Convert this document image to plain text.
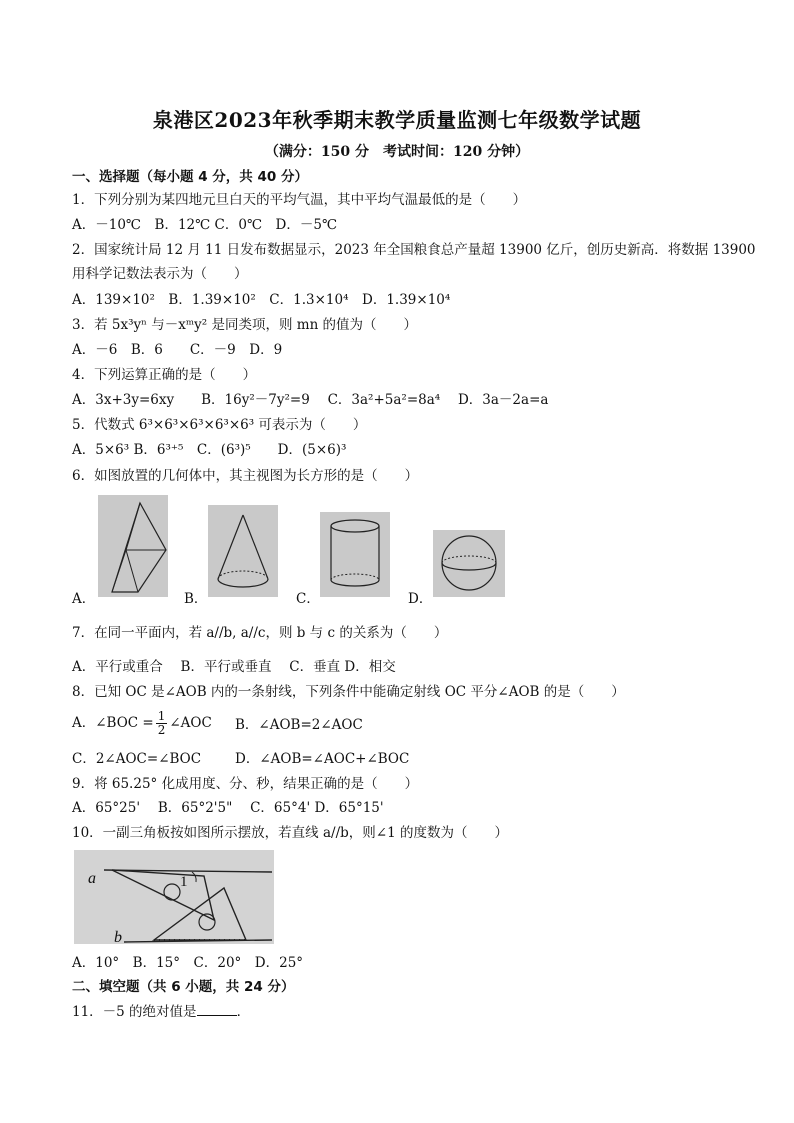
泉港区2023年秋季期末教学质量监测七年级数学试题
（满分：150 分　考试时间：120 分钟）
一、选择题（每小题 4 分，共 40 分）
1．下列分别为某四地元旦白天的平均气温，其中平均气温最低的是（　　）
A．－10℃　B．12℃ C．0℃　D．－5℃
2．国家统计局 12 月 11 日发布数据显示，2023 年全国粮食总产量超 13900 亿斤，创历史新高．将数据 13900
用科学记数法表示为（　　）
A．139×10²　B．1.39×10²　C．1.3×10⁴　D．1.39×10⁴
3．若 5x³yⁿ 与－xᵐy² 是同类项，则 mn 的值为（　　）
A．－6　B．6　　C．－9　D．9
4．下列运算正确的是（　　）
A．3x+3y=6xy　　B．16y²－7y²=9　 C．3a²+5a²=8a⁴　 D．3a－2a=a
5．代数式 6³×6³×6³×6³×6³ 可表示为（　　）
A．5×6³ B．6³⁺⁵　C．(6³)⁵　　D．(5×6)³
6．如图放置的几何体中，其主视图为长方形的是（　　）
A．	B．	C．	D．
7．在同一平面内，若 a//b, a//c，则 b 与 c 的关系为（　　）
A．平行或重合　 B．平行或垂直　 C．垂直 D．相交
8．已知 OC 是∠AOB 内的一条射线，下列条件中能确定射线 OC 平分∠AOB 的是（　　）
A．∠BOC = $\frac{1}{2}$ ∠AOC B．∠AOB=2∠AOC
C．2∠AOC=∠BOC	D．∠AOB=∠AOC+∠BOC
9．将 65.25° 化成用度、分、秒，结果正确的是（　　）
A．65°25'　 B．65°2'5"　 C．65°4' D．65°15'
10．一副三角板按如图所示摆放，若直线 a//b，则∠1 的度数为（　　）
a
b
1
A．10°　B．15°　C．20°　D．25°
二、填空题（共 6 小题，共 24 分）
11．－5 的绝对值是	．
